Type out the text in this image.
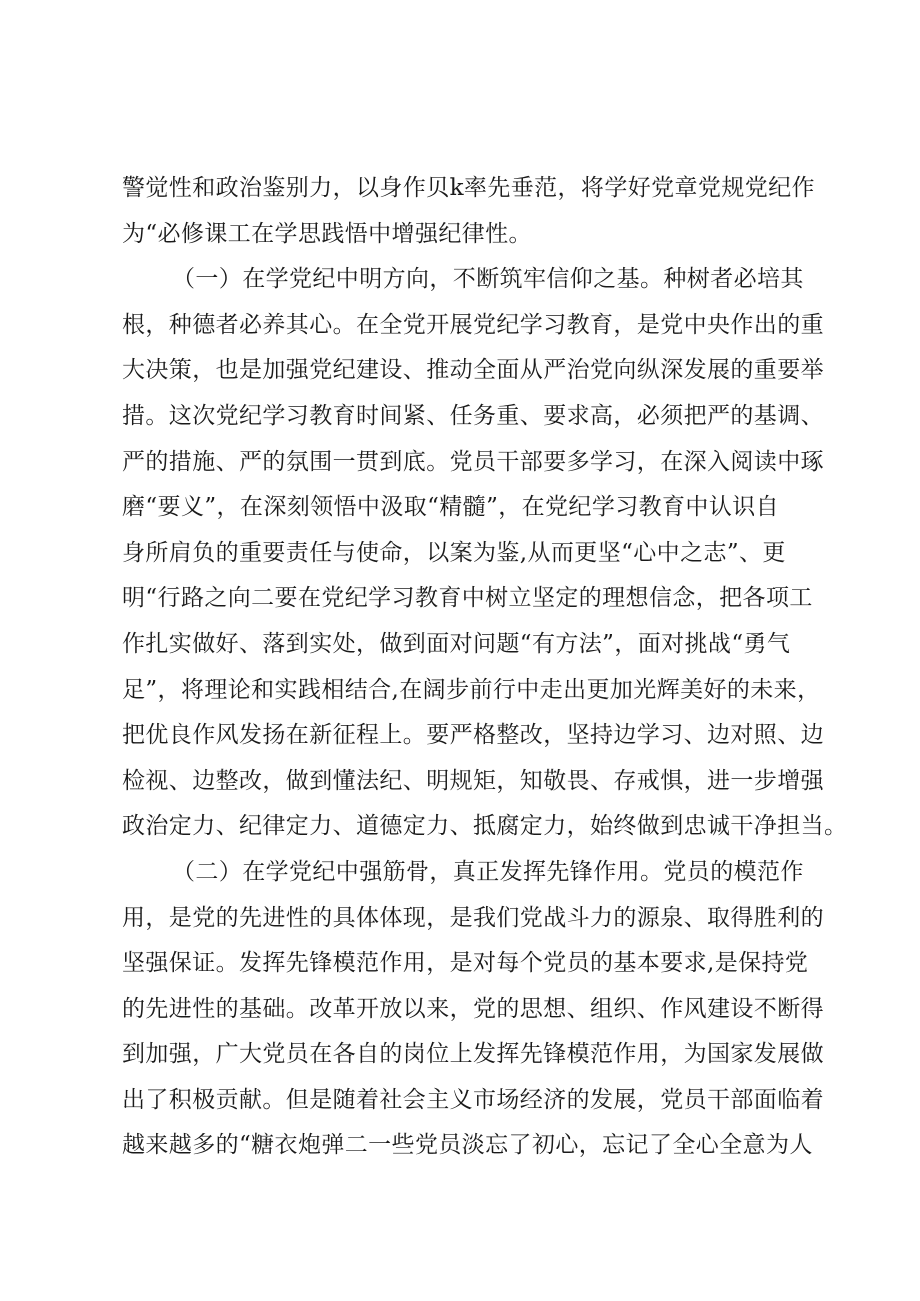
警觉性和政治鉴别力，以身作贝k率先垂范，将学好党章党规党纪作
为“必修课工在学思践悟中增强纪律性。
（一）在学党纪中明方向，不断筑牢信仰之基。种树者必培其
根，种德者必养其心。在全党开展党纪学习教育，是党中央作出的重
大决策，也是加强党纪建设、推动全面从严治党向纵深发展的重要举
措。这次党纪学习教育时间紧、任务重、要求高，必须把严的基调、
严的措施、严的氛围一贯到底。党员干部要多学习，在深入阅读中琢
磨“要义”，在深刻领悟中汲取“精髓”，在党纪学习教育中认识自
身所肩负的重要责任与使命，以案为鉴,从而更坚“心中之志”、更
明“行路之向二要在党纪学习教育中树立坚定的理想信念，把各项工
作扎实做好、落到实处，做到面对问题“有方法”，面对挑战“勇气
足”，将理论和实践相结合,在阔步前行中走出更加光辉美好的未来，
把优良作风发扬在新征程上。要严格整改，坚持边学习、边对照、边
检视、边整改，做到懂法纪、明规矩，知敬畏、存戒惧，进一步增强
政治定力、纪律定力、道德定力、抵腐定力，始终做到忠诚干净担当。
（二）在学党纪中强筋骨，真正发挥先锋作用。党员的模范作
用，是党的先进性的具体体现，是我们党战斗力的源泉、取得胜利的
坚强保证。发挥先锋模范作用，是对每个党员的基本要求,是保持党
的先进性的基础。改革开放以来，党的思想、组织、作风建设不断得
到加强，广大党员在各自的岗位上发挥先锋模范作用，为国家发展做
出了积极贡献。但是随着社会主义市场经济的发展，党员干部面临着
越来越多的“糖衣炮弹二一些党员淡忘了初心，忘记了全心全意为人
